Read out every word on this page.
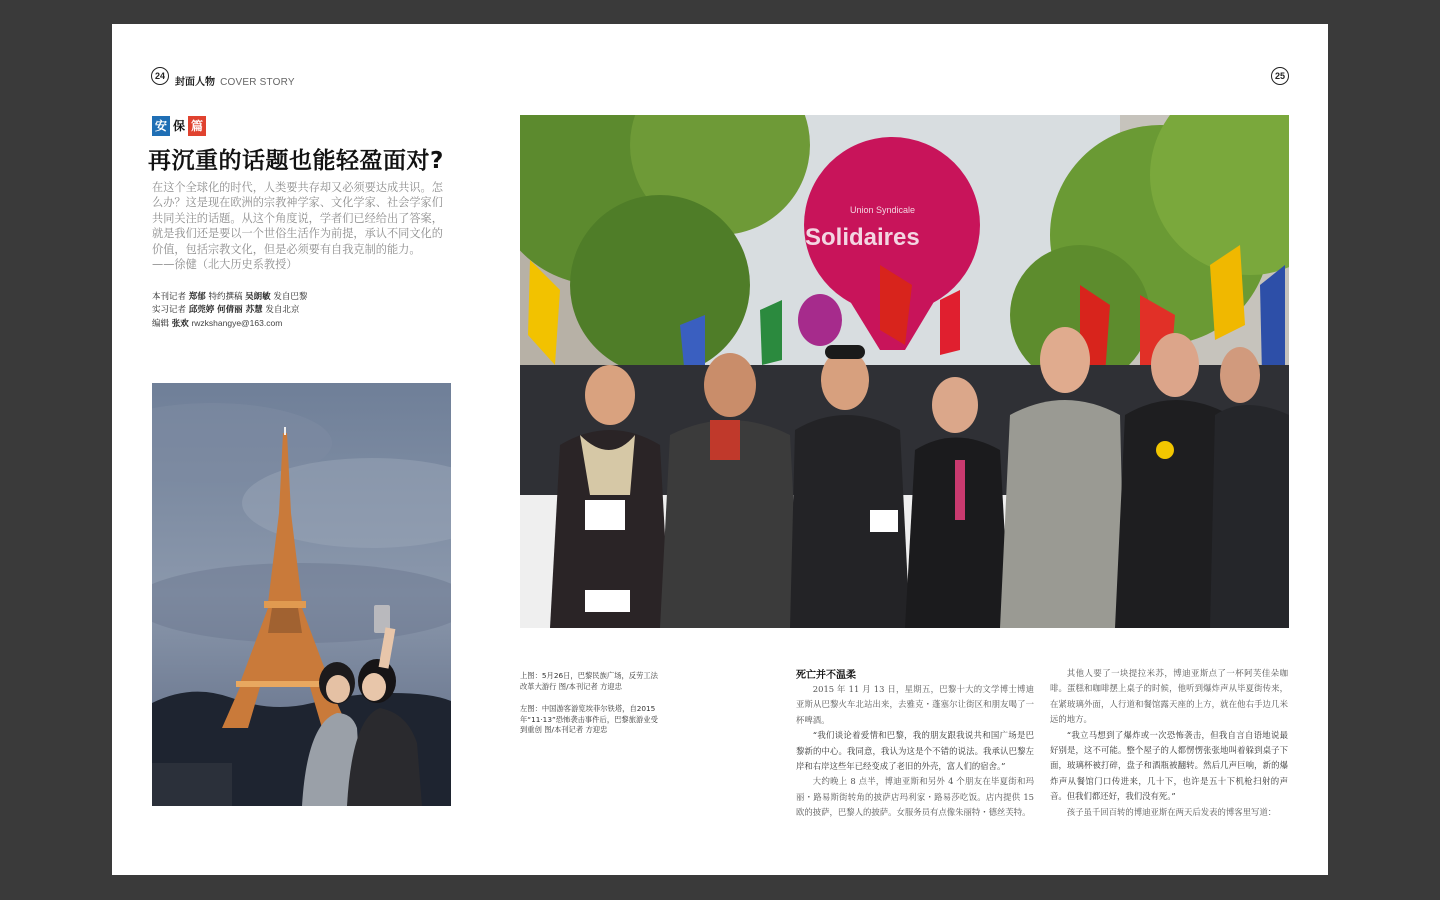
24
封面人物 COVER STORY
25
安 保 篇
再沉重的话题也能轻盈面对?
在这个全球化的时代，人类要共存却又必须要达成共识。怎
么办？这是现在欧洲的宗教神学家、文化学家、社会学家们
共同关注的话题。从这个角度说，学者们已经给出了答案，
就是我们还是要以一个世俗生活作为前提，承认不同文化的
价值，包括宗教文化，但是必须要有自我克制的能力。
——徐健（北大历史系教授）
本刊记者 郑郁 特约撰稿 吴朗敏 发自巴黎
实习记者 邱莞婷 何倩丽 苏慧 发自北京
编辑 张欢 rwzkshangye@163.com
Solidaires
Union Syndicale
上图：5月26日，巴黎民族广场，反劳工法改革大游行 图/本刊记者 方迎忠
左图：中国游客游览埃菲尔铁塔，自2015年“11·13”恐怖袭击事件后，巴黎旅游业受到重创 图/本刊记者 方迎忠
死亡并不温柔

2015 年 11 月 13 日，星期五，巴黎十大的文学博士博迪亚斯从巴黎火车北站出来，去雅克・蓬塞尔让街区和朋友喝了一杯啤酒。

“我们谈论着爱情和巴黎，我的朋友跟我说共和国广场是巴黎新的中心。我同意，我认为这是个不错的说法。我承认巴黎左岸和右岸这些年已经变成了老旧的外壳，富人们的宿舍。”

大约晚上 8 点半，博迪亚斯和另外 4 个朋友在毕夏街和玛丽・路易斯街转角的披萨店玛利家・路易莎吃饭。店内提供 15 欧的披萨，巴黎人的披萨。女服务员有点像朱丽特・德丝芙特。

其他人要了一块提拉米苏，博迪亚斯点了一杯阿芙佳朵咖啡。蛋糕和咖啡摆上桌子的时候，他听到爆炸声从毕夏街传来，在紧玻璃外面，人行道和餐馆露天座的上方，就在他右手边几米远的地方。

“我立马想到了爆炸或一次恐怖袭击，但我自言自语地说最好别是，这不可能。整个屋子的人都愣愣张张地叫着躲到桌子下面，玻璃杯被打碎，盘子和酒瓶被翻转。然后几声巨响，新的爆炸声从餐馆门口传进来，几十下，也许是五十下机枪扫射的声音。但我们都还好，我们没有死。”

孩子虽千回百转的博迪亚斯在两天后发表的博客里写道：
